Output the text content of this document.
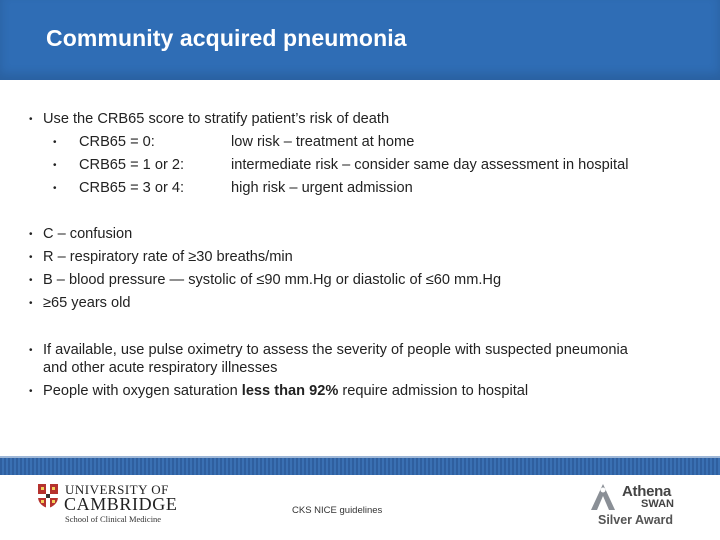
Community acquired pneumonia
• Use the CRB65 score to stratify patient’s risk of death
• CRB65 = 0:	low risk – treatment at home
• CRB65 = 1 or 2:	intermediate risk – consider same day assessment in hospital
• CRB65 = 3 or 4:	high risk – urgent admission
• C – confusion
• R – respiratory rate of ≥30 breaths/min
• B – blood pressure — systolic of ≤90 mm.Hg or diastolic of ≤60 mm.Hg
• ≥65 years old
• If available, use pulse oximetry to assess the severity of people with suspected pneumonia
and other acute respiratory illnesses
• People with oxygen saturation less than 92% require admission to hospital
UNIVERSITY OF
CAMBRIDGE
School of Clinical Medicine
CKS NICE guidelines
Athena
SWAN
Silver Award
